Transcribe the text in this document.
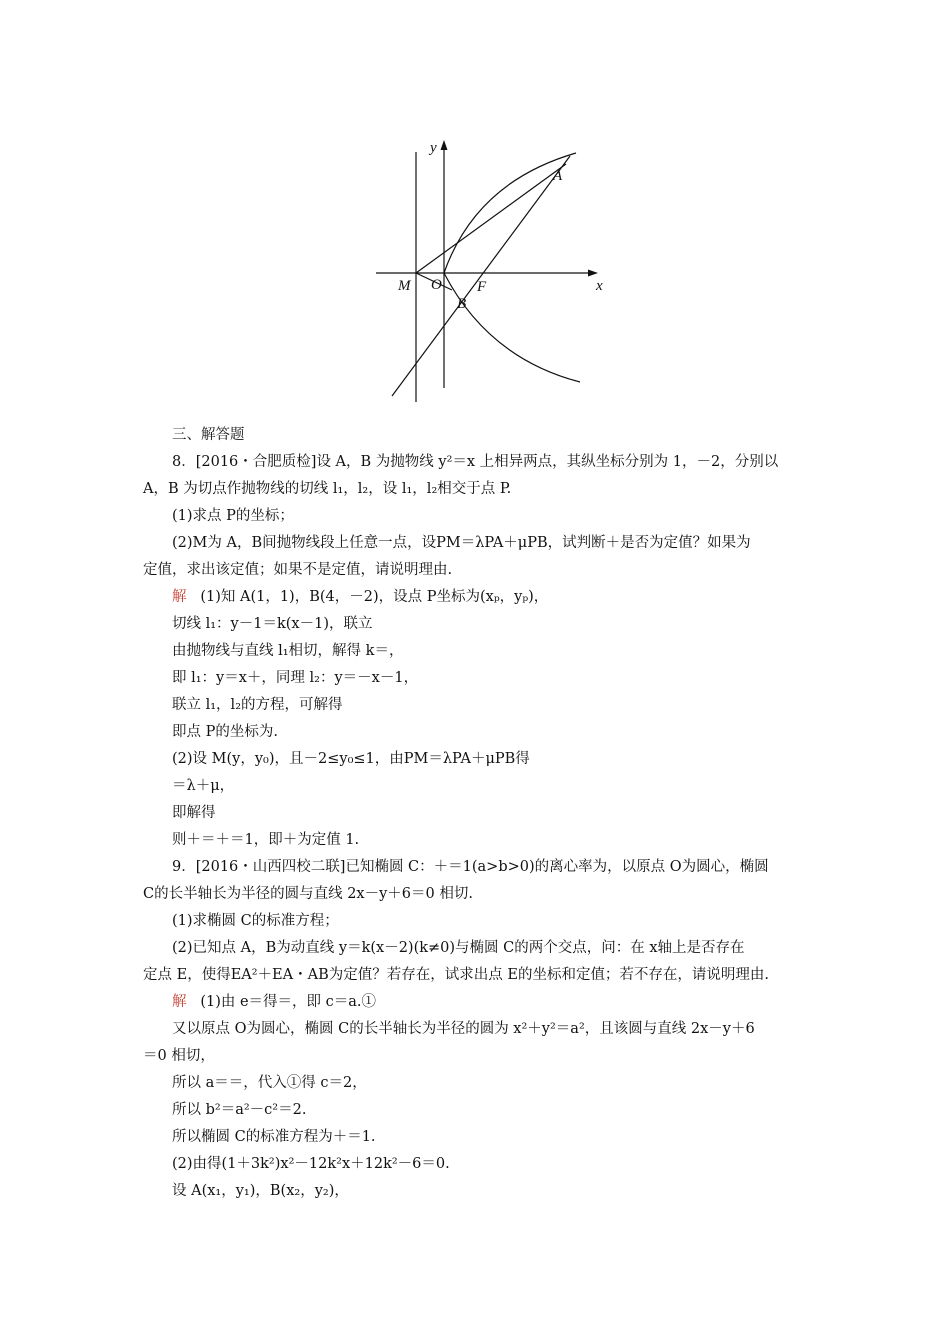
y
x
A
M O F
B
三、解答题
8．[2016・合肥质检]设 A，B 为抛物线 y²＝x 上相异两点，其纵坐标分别为 1，－2，分别以
A，B 为切点作抛物线的切线 l₁，l₂，设 l₁，l₂相交于点 P.
(1)求点 P的坐标；
(2)M为 A，B间抛物线段上任意一点，设PM＝λPA＋μPB，试判断＋是否为定值？如果为
定值，求出该定值；如果不是定值，请说明理由.
解 (1)知 A(1，1)，B(4，－2)，设点 P坐标为(xₚ，yₚ)，
切线 l₁：y－1＝k(x－1)，联立
由抛物线与直线 l₁相切，解得 k＝，
即 l₁：y＝x＋，同理 l₂：y＝－x－1，
联立 l₁，l₂的方程，可解得
即点 P的坐标为.
(2)设 M(y，y₀)，且－2≤y₀≤1，由PM＝λPA＋μPB得
＝λ＋μ，
即解得
则＋＝＋＝1，即＋为定值 1.
9．[2016・山西四校二联]已知椭圆 C：＋＝1(a>b>0)的离心率为，以原点 O为圆心，椭圆
C的长半轴长为半径的圆与直线 2x－y＋6＝0 相切.
(1)求椭圆 C的标准方程；
(2)已知点 A，B为动直线 y＝k(x－2)(k≠0)与椭圆 C的两个交点，问：在 x轴上是否存在
定点 E，使得EA²＋EA・AB为定值？若存在，试求出点 E的坐标和定值；若不存在，请说明理由.
解 (1)由 e＝得＝，即 c＝a.①
又以原点 O为圆心，椭圆 C的长半轴长为半径的圆为 x²＋y²＝a²，且该圆与直线 2x－y＋6
＝0 相切，
所以 a＝＝，代入①得 c＝2，
所以 b²＝a²－c²＝2.
所以椭圆 C的标准方程为＋＝1.
(2)由得(1＋3k²)x²－12k²x＋12k²－6＝0.
设 A(x₁，y₁)，B(x₂，y₂)，
